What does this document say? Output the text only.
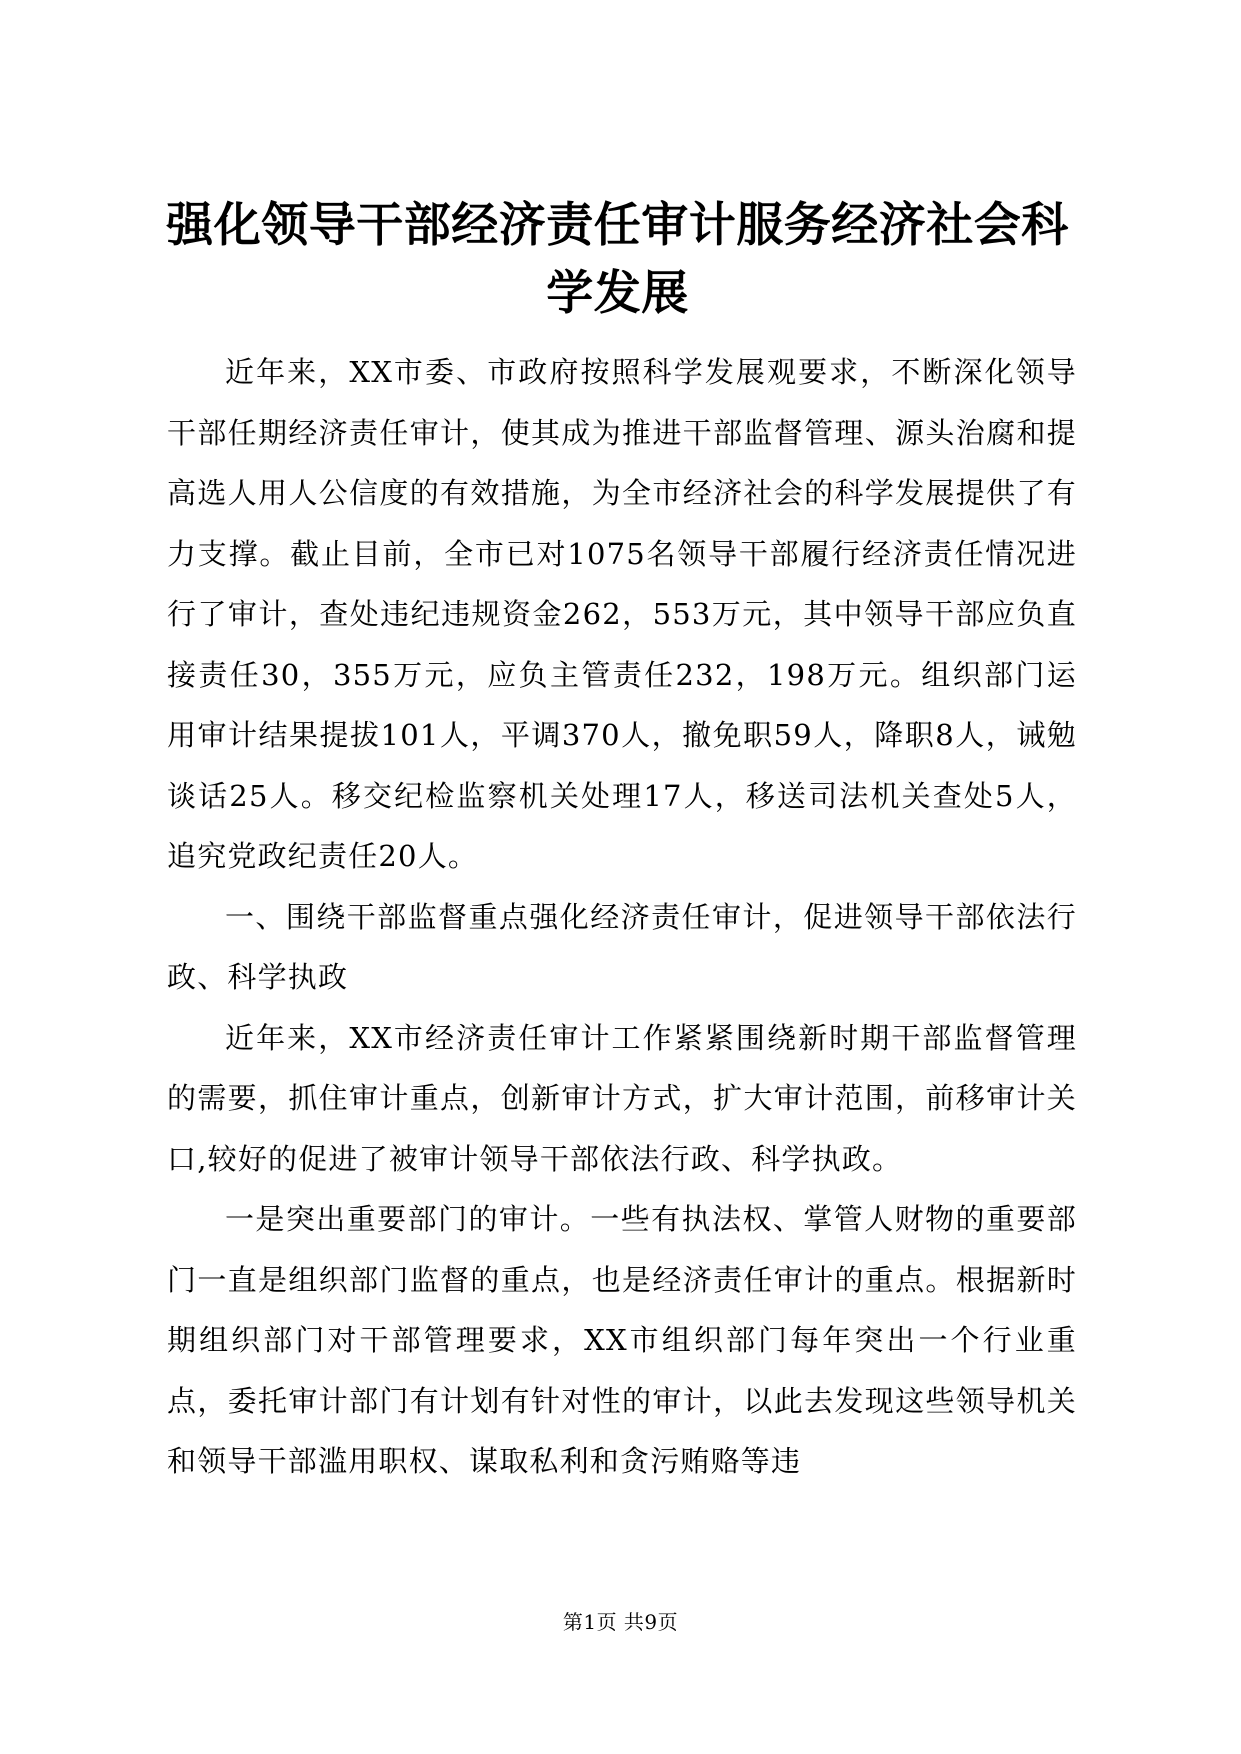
强化领导干部经济责任审计服务经济社会科学发展

近年来，XX市委、市政府按照科学发展观要求，不断深化领导干部任期经济责任审计，使其成为推进干部监督管理、源头治腐和提高选人用人公信度的有效措施，为全市经济社会的科学发展提供了有力支撑。截止目前，全市已对1075名领导干部履行经济责任情况进行了审计，查处违纪违规资金262，553万元，其中领导干部应负直接责任30，355万元，应负主管责任232，198万元。组织部门运用审计结果提拔101人，平调370人，撤免职59人，降职8人，诫勉谈话25人。移交纪检监察机关处理17人，移送司法机关查处5人，追究党政纪责任20人。

一、围绕干部监督重点强化经济责任审计，促进领导干部依法行政、科学执政

近年来，XX市经济责任审计工作紧紧围绕新时期干部监督管理的需要，抓住审计重点，创新审计方式，扩大审计范围，前移审计关口,较好的促进了被审计领导干部依法行政、科学执政。

一是突出重要部门的审计。一些有执法权、掌管人财物的重要部门一直是组织部门监督的重点，也是经济责任审计的重点。根据新时期组织部门对干部管理要求，XX市组织部门每年突出一个行业重点，委托审计部门有计划有针对性的审计，以此去发现这些领导机关和领导干部滥用职权、谋取私利和贪污贿赂等违

第1页 共9页
